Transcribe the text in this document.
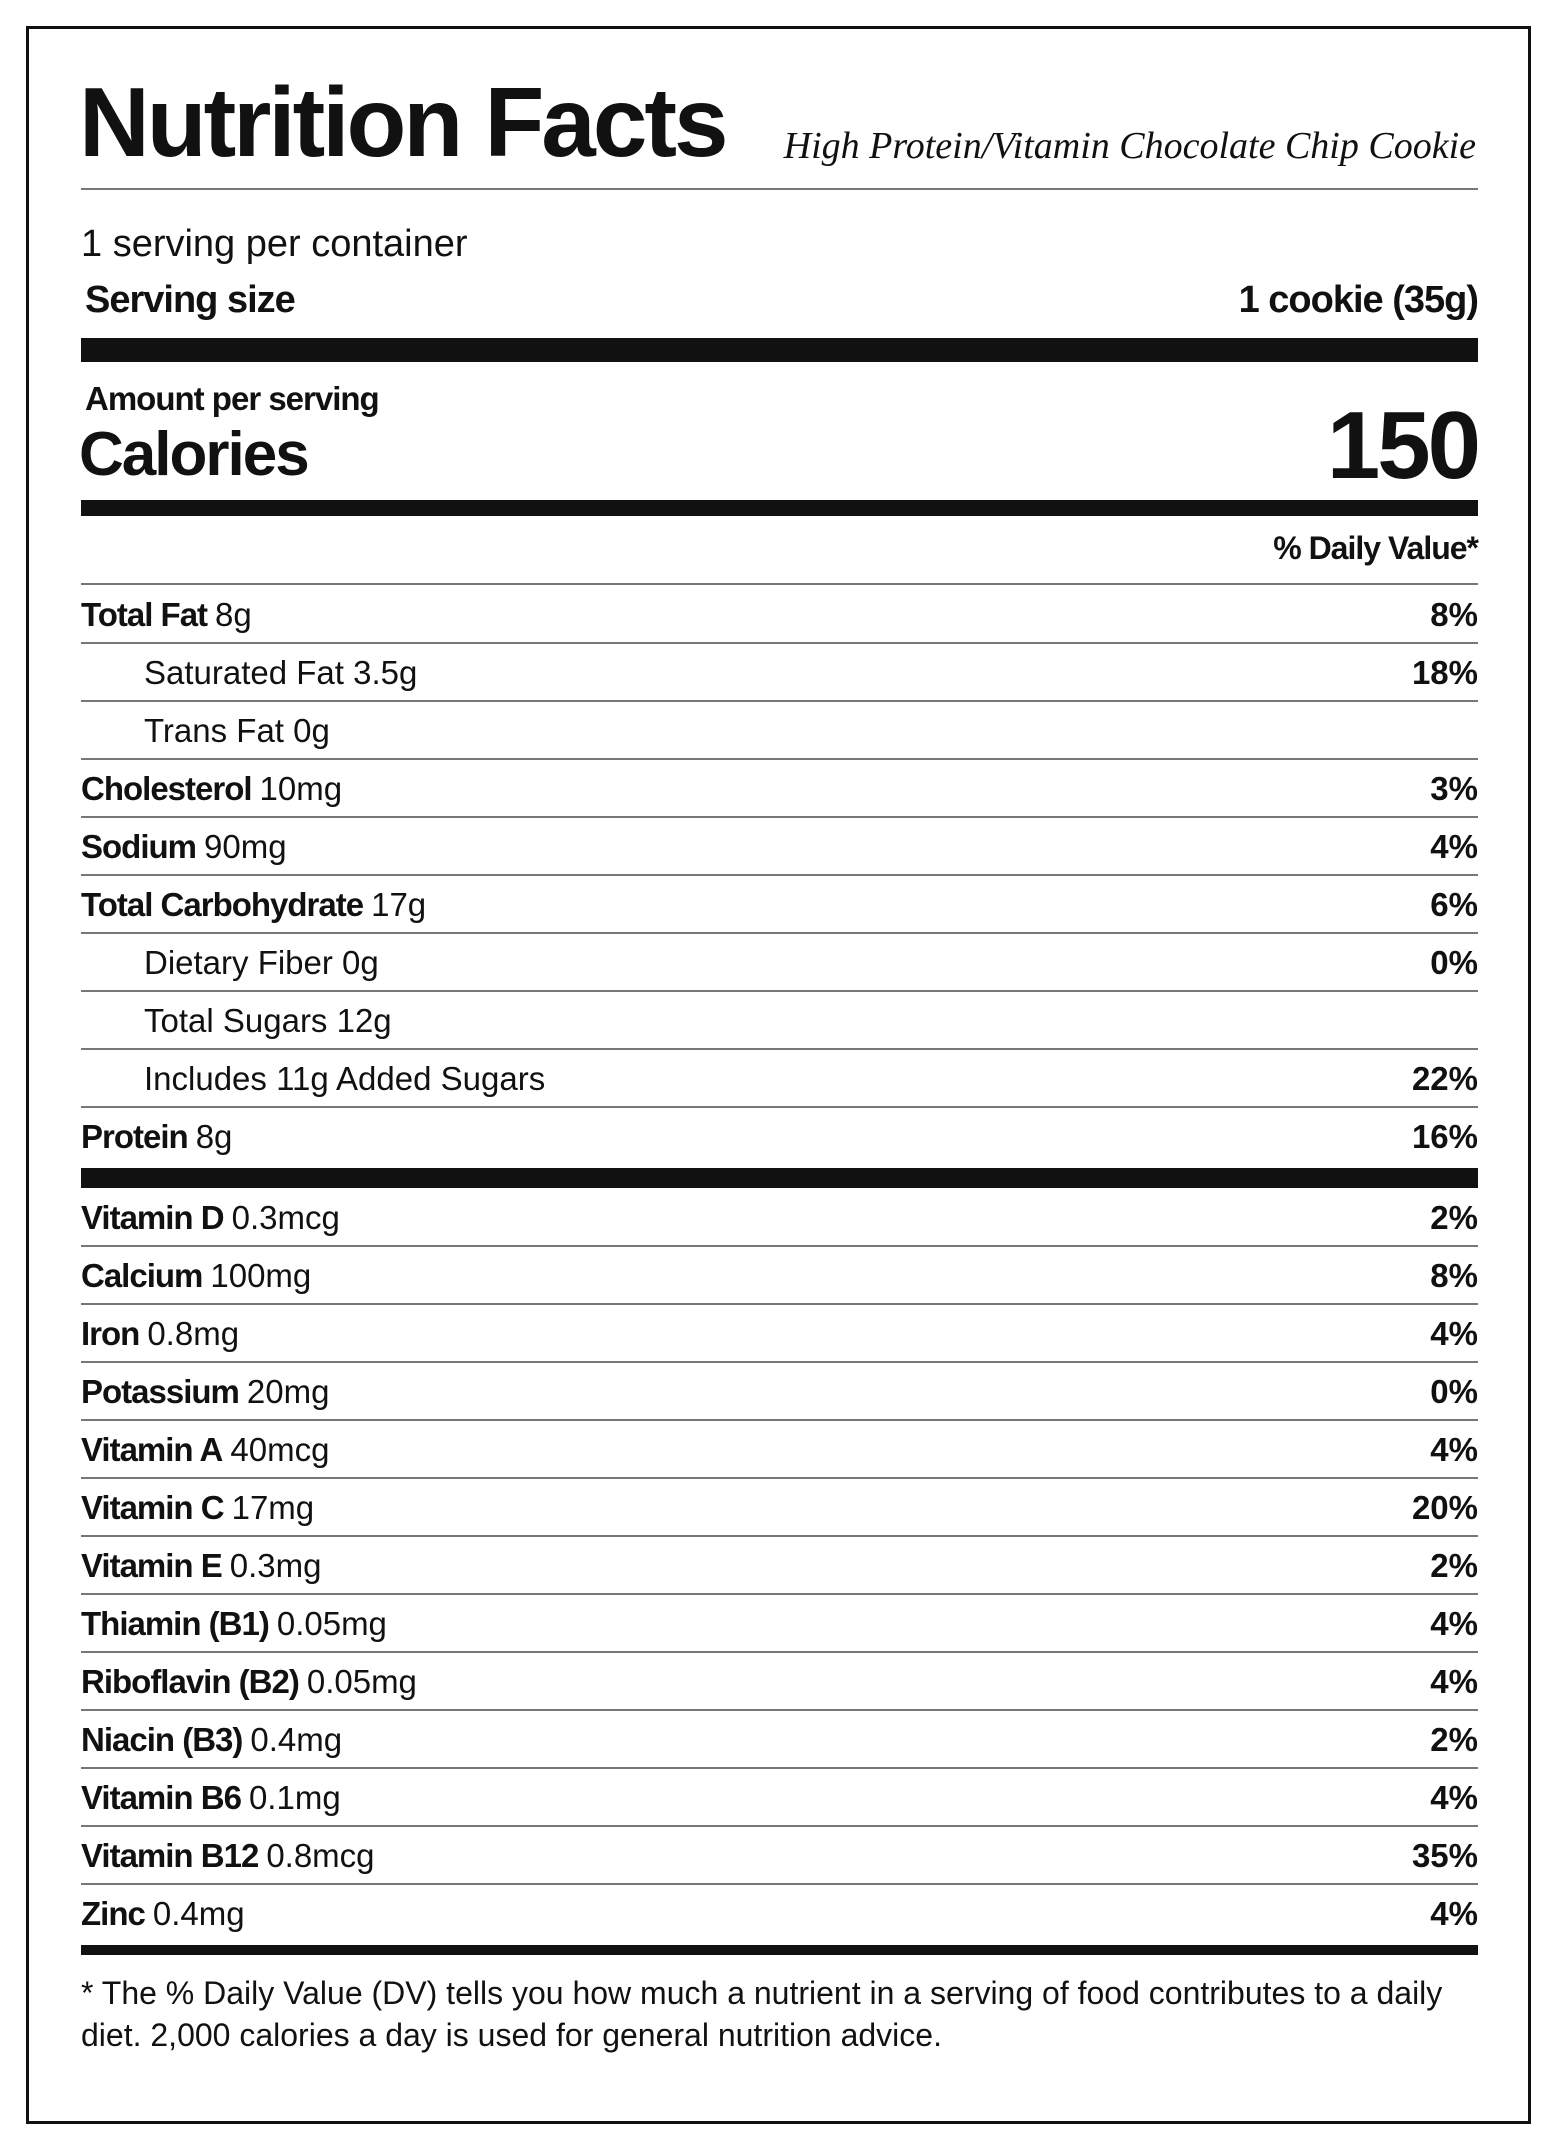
Nutrition Facts High Protein/Vitamin Chocolate Chip Cookie
1 serving per container
Serving size	1 cookie (35g)
Amount per serving
Calories	150
% Daily Value*
Total Fat 8g	8%
Saturated Fat 3.5g	18%
Trans Fat 0g
Cholesterol 10mg	3%
Sodium 90mg	4%
Total Carbohydrate 17g	6%
Dietary Fiber 0g	0%
Total Sugars 12g
Includes 11g Added Sugars	22%
Protein 8g	16%
Vitamin D 0.3mcg	2%
Calcium 100mg	8%
Iron 0.8mg	4%
Potassium 20mg	0%
Vitamin A 40mcg	4%
Vitamin C 17mg	20%
Vitamin E 0.3mg	2%
Thiamin (B1) 0.05mg	4%
Riboflavin (B2) 0.05mg	4%
Niacin (B3) 0.4mg	2%
Vitamin B6 0.1mg	4%
Vitamin B12 0.8mcg	35%
Zinc 0.4mg	4%
* The % Daily Value (DV) tells you how much a nutrient in a serving of food contributes to a daily diet. 2,000 calories a day is used for general nutrition advice.
